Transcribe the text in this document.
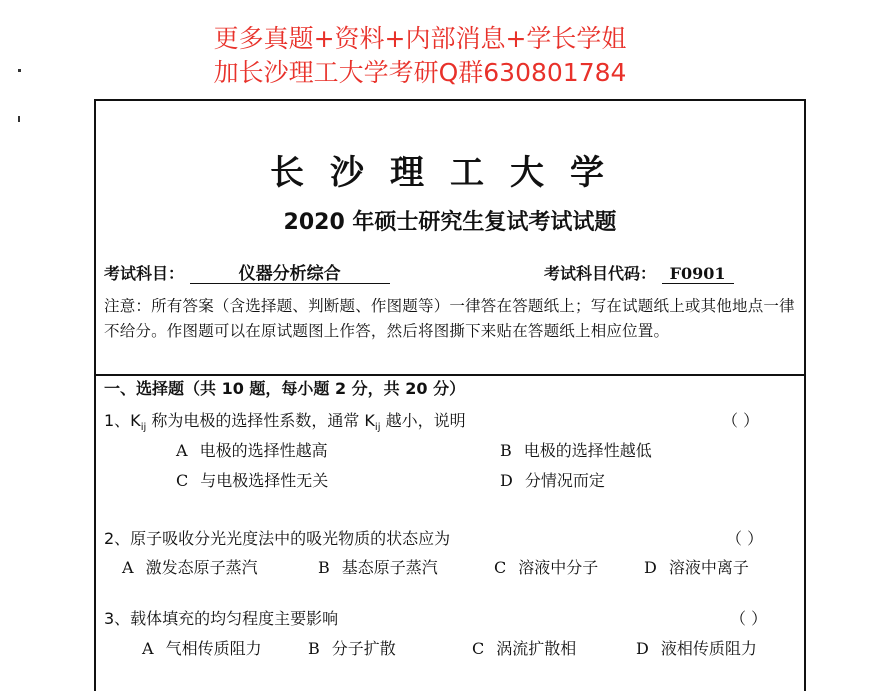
更多真题+资料+内部消息+学长学姐
加长沙理工大学考研Q群630801784
长沙理工大学
2020 年硕士研究生复试考试试题
考试科目：	仪器分析综合	考试科目代码： F0901
注意：所有答案（含选择题、判断题、作图题等）一律答在答题纸上；写在试题纸上或其他地点一律不给分。作图题可以在原试题图上作答，然后将图撕下来贴在答题纸上相应位置。
一、选择题（共 10 题，每小题 2 分，共 20 分）
1、$K_{ij}$ 称为电极的选择性系数，通常 $K_{ij}$ 越小，说明	（ ）
A 电极的选择性越高	B 电极的选择性越低
C 与电极选择性无关	D 分情况而定
2、原子吸收分光光度法中的吸光物质的状态应为	（ ）
A 激发态原子蒸汽	B 基态原子蒸汽	C 溶液中分子	D 溶液中离子
3、载体填充的均匀程度主要影响	（ ）
A 气相传质阻力	B 分子扩散	C 涡流扩散相	D 液相传质阻力
